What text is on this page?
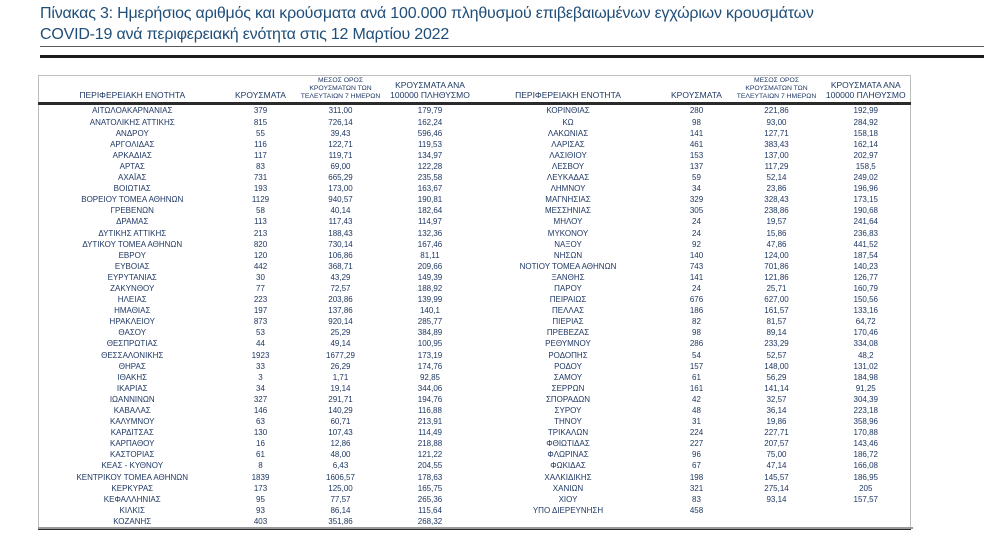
Πίνακας 3: Ημερήσιος αριθμός και κρούσματα ανά 100.000 πληθυσμού επιβεβαιωμένων εγχώριων κρουσμάτων
COVID-19 ανά περιφερειακή ενότητα στις 12 Μαρτίου 2022
ΠΕΡΙΦΕΡΕΙΑΚΗ ΕΝΟΤΗΤΑ	ΚΡΟΥΣΜΑΤΑ	ΜΕΣΟΣ ΟΡΟΣ ΚΡΟΥΣΜΑΤΩΝ ΤΩΝ ΤΕΛΕΥΤΑΙΩΝ 7 ΗΜΕΡΩΝ	ΚΡΟΥΣΜΑΤΑ ΑΝΑ 100000 ΠΛΗΘΥΣΜΟ	ΠΕΡΙΦΕΡΕΙΑΚΗ ΕΝΟΤΗΤΑ	ΚΡΟΥΣΜΑΤΑ	ΜΕΣΟΣ ΟΡΟΣ ΚΡΟΥΣΜΑΤΩΝ ΤΩΝ ΤΕΛΕΥΤΑΙΩΝ 7 ΗΜΕΡΩΝ	ΚΡΟΥΣΜΑΤΑ ΑΝΑ 100000 ΠΛΗΘΥΣΜΟ
ΑΙΤΩΛΟΑΚΑΡΝΑΝΙΑΣ	379	311,00	179,79	ΚΟΡΙΝΘΙΑΣ	280	221,86	192,99
ΑΝΑΤΟΛΙΚΗΣ ΑΤΤΙΚΗΣ	815	726,14	162,24	ΚΩ	98	93,00	284,92
ΑΝΔΡΟΥ	55	39,43	596,46	ΛΑΚΩΝΙΑΣ	141	127,71	158,18
ΑΡΓΟΛΙΔΑΣ	116	122,71	119,53	ΛΑΡΙΣΑΣ	461	383,43	162,14
ΑΡΚΑΔΙΑΣ	117	119,71	134,97	ΛΑΣΙΘΙΟΥ	153	137,00	202,97
ΑΡΤΑΣ	83	69,00	122,28	ΛΕΣΒΟΥ	137	117,29	158,5
ΑΧΑΪΑΣ	731	665,29	235,58	ΛΕΥΚΑΔΑΣ	59	52,14	249,02
ΒΟΙΩΤΙΑΣ	193	173,00	163,67	ΛΗΜΝΟΥ	34	23,86	196,96
ΒΟΡΕΙΟΥ ΤΟΜΕΑ ΑΘΗΝΩΝ	1129	940,57	190,81	ΜΑΓΝΗΣΙΑΣ	329	328,43	173,15
ΓΡΕΒΕΝΩΝ	58	40,14	182,64	ΜΕΣΣΗΝΙΑΣ	305	238,86	190,68
ΔΡΑΜΑΣ	113	117,43	114,97	ΜΗΛΟΥ	24	19,57	241,64
ΔΥΤΙΚΗΣ ΑΤΤΙΚΗΣ	213	188,43	132,36	ΜΥΚΟΝΟΥ	24	15,86	236,83
ΔΥΤΙΚΟΥ ΤΟΜΕΑ ΑΘΗΝΩΝ	820	730,14	167,46	ΝΑΞΟΥ	92	47,86	441,52
ΕΒΡΟΥ	120	106,86	81,11	ΝΗΣΩΝ	140	124,00	187,54
ΕΥΒΟΙΑΣ	442	368,71	209,66	ΝΟΤΙΟΥ ΤΟΜΕΑ ΑΘΗΝΩΝ	743	701,86	140,23
ΕΥΡΥΤΑΝΙΑΣ	30	43,29	149,39	ΞΑΝΘΗΣ	141	121,86	126,77
ΖΑΚΥΝΘΟΥ	77	72,57	188,92	ΠΑΡΟΥ	24	25,71	160,79
ΗΛΕΙΑΣ	223	203,86	139,99	ΠΕΙΡΑΙΩΣ	676	627,00	150,56
ΗΜΑΘΙΑΣ	197	137,86	140,1	ΠΕΛΛΑΣ	186	161,57	133,16
ΗΡΑΚΛΕΙΟΥ	873	920,14	285,77	ΠΙΕΡΙΑΣ	82	81,57	64,72
ΘΑΣΟΥ	53	25,29	384,89	ΠΡΕΒΕΖΑΣ	98	89,14	170,46
ΘΕΣΠΡΩΤΙΑΣ	44	49,14	100,95	ΡΕΘΥΜΝΟΥ	286	233,29	334,08
ΘΕΣΣΑΛΟΝΙΚΗΣ	1923	1677,29	173,19	ΡΟΔΟΠΗΣ	54	52,57	48,2
ΘΗΡΑΣ	33	26,29	174,76	ΡΟΔΟΥ	157	148,00	131,02
ΙΘΑΚΗΣ	3	1,71	92,85	ΣΑΜΟΥ	61	56,29	184,98
ΙΚΑΡΙΑΣ	34	19,14	344,06	ΣΕΡΡΩΝ	161	141,14	91,25
ΙΩΑΝΝΙΝΩΝ	327	291,71	194,76	ΣΠΟΡΑΔΩΝ	42	32,57	304,39
ΚΑΒΑΛΑΣ	146	140,29	116,88	ΣΥΡΟΥ	48	36,14	223,18
ΚΑΛΥΜΝΟΥ	63	60,71	213,91	ΤΗΝΟΥ	31	19,86	358,96
ΚΑΡΔΙΤΣΑΣ	130	107,43	114,49	ΤΡΙΚΑΛΩΝ	224	227,71	170,88
ΚΑΡΠΑΘΟΥ	16	12,86	218,88	ΦΘΙΩΤΙΔΑΣ	227	207,57	143,46
ΚΑΣΤΟΡΙΑΣ	61	48,00	121,22	ΦΛΩΡΙΝΑΣ	96	75,00	186,72
ΚΕΑΣ - ΚΥΘΝΟΥ	8	6,43	204,55	ΦΩΚΙΔΑΣ	67	47,14	166,08
ΚΕΝΤΡΙΚΟΥ ΤΟΜΕΑ ΑΘΗΝΩΝ	1839	1606,57	178,63	ΧΑΛΚΙΔΙΚΗΣ	198	145,57	186,95
ΚΕΡΚΥΡΑΣ	173	125,00	165,75	ΧΑΝΙΩΝ	321	275,14	205
ΚΕΦΑΛΛΗΝΙΑΣ	95	77,57	265,36	ΧΙΟΥ	83	93,14	157,57
ΚΙΛΚΙΣ	93	86,14	115,64	ΥΠΟ ΔΙΕΡΕΥΝΗΣΗ	458		
ΚΟΖΑΝΗΣ	403	351,86	268,32				
